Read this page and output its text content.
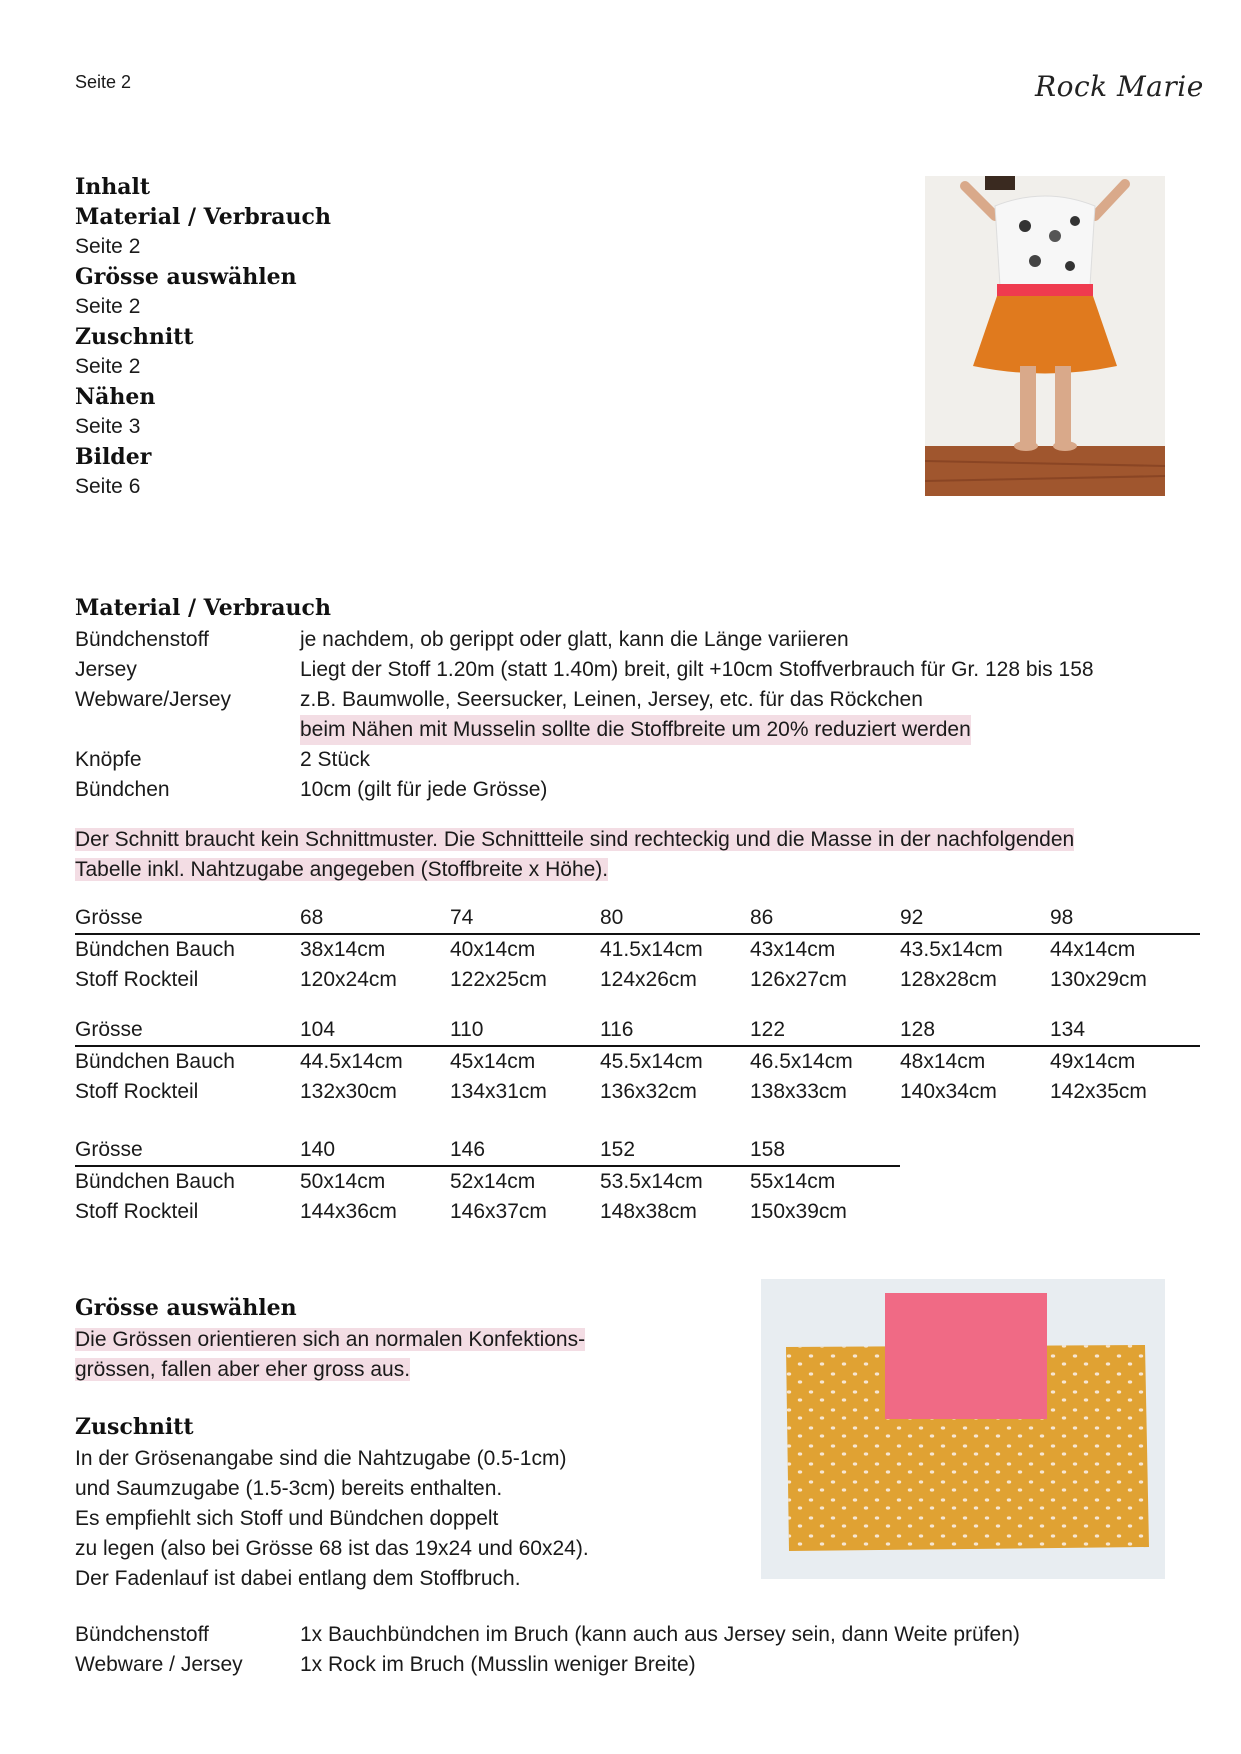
Seite 2	Rock Marie
Inhalt
Material / Verbrauch
Seite 2
Grösse auswählen
Seite 2
Zuschnitt
Seite 2
Nähen
Seite 3
Bilder
Seite 6
Material / Verbrauch
Bündchenstoff	je nachdem, ob gerippt oder glatt, kann die Länge variieren
Jersey	Liegt der Stoff 1.20m (statt 1.40m) breit, gilt +10cm Stoffverbrauch für Gr. 128 bis 158
Webware/Jersey	z.B. Baumwolle, Seersucker, Leinen, Jersey, etc. für das Röckchen
beim Nähen mit Musselin sollte die Stoffbreite um 20% reduziert werden
Knöpfe	2 Stück
Bündchen	10cm (gilt für jede Grösse)
Der Schnitt braucht kein Schnittmuster. Die Schnittteile sind rechteckig und die Masse in der nachfolgenden
Tabelle inkl. Nahtzugabe angegeben (Stoffbreite x Höhe).
Grösse	68	74	80	86	92	98
Bündchen Bauch	38x14cm	40x14cm	41.5x14cm	43x14cm	43.5x14cm	44x14cm
Stoff Rockteil	120x24cm	122x25cm	124x26cm	126x27cm	128x28cm	130x29cm
Grösse	104	110	116	122	128	134
Bündchen Bauch	44.5x14cm	45x14cm	45.5x14cm	46.5x14cm	48x14cm	49x14cm
Stoff Rockteil	132x30cm	134x31cm	136x32cm	138x33cm	140x34cm	142x35cm
Grösse	140	146	152	158
Bündchen Bauch	50x14cm	52x14cm	53.5x14cm	55x14cm
Stoff Rockteil	144x36cm	146x37cm	148x38cm	150x39cm
Grösse auswählen
Die Grössen orientieren sich an normalen Konfektions-
grössen, fallen aber eher gross aus.
Zuschnitt
In der Grösenangabe sind die Nahtzugabe (0.5-1cm)
und Saumzugabe (1.5-3cm) bereits enthalten.
Es empfiehlt sich Stoff und Bündchen doppelt
zu legen (also bei Grösse 68 ist das 19x24 und 60x24).
Der Fadenlauf ist dabei entlang dem Stoffbruch.
Bündchenstoff	1x Bauchbündchen im Bruch (kann auch aus Jersey sein, dann Weite prüfen)
Webware / Jersey	1x Rock im Bruch (Musslin weniger Breite)
